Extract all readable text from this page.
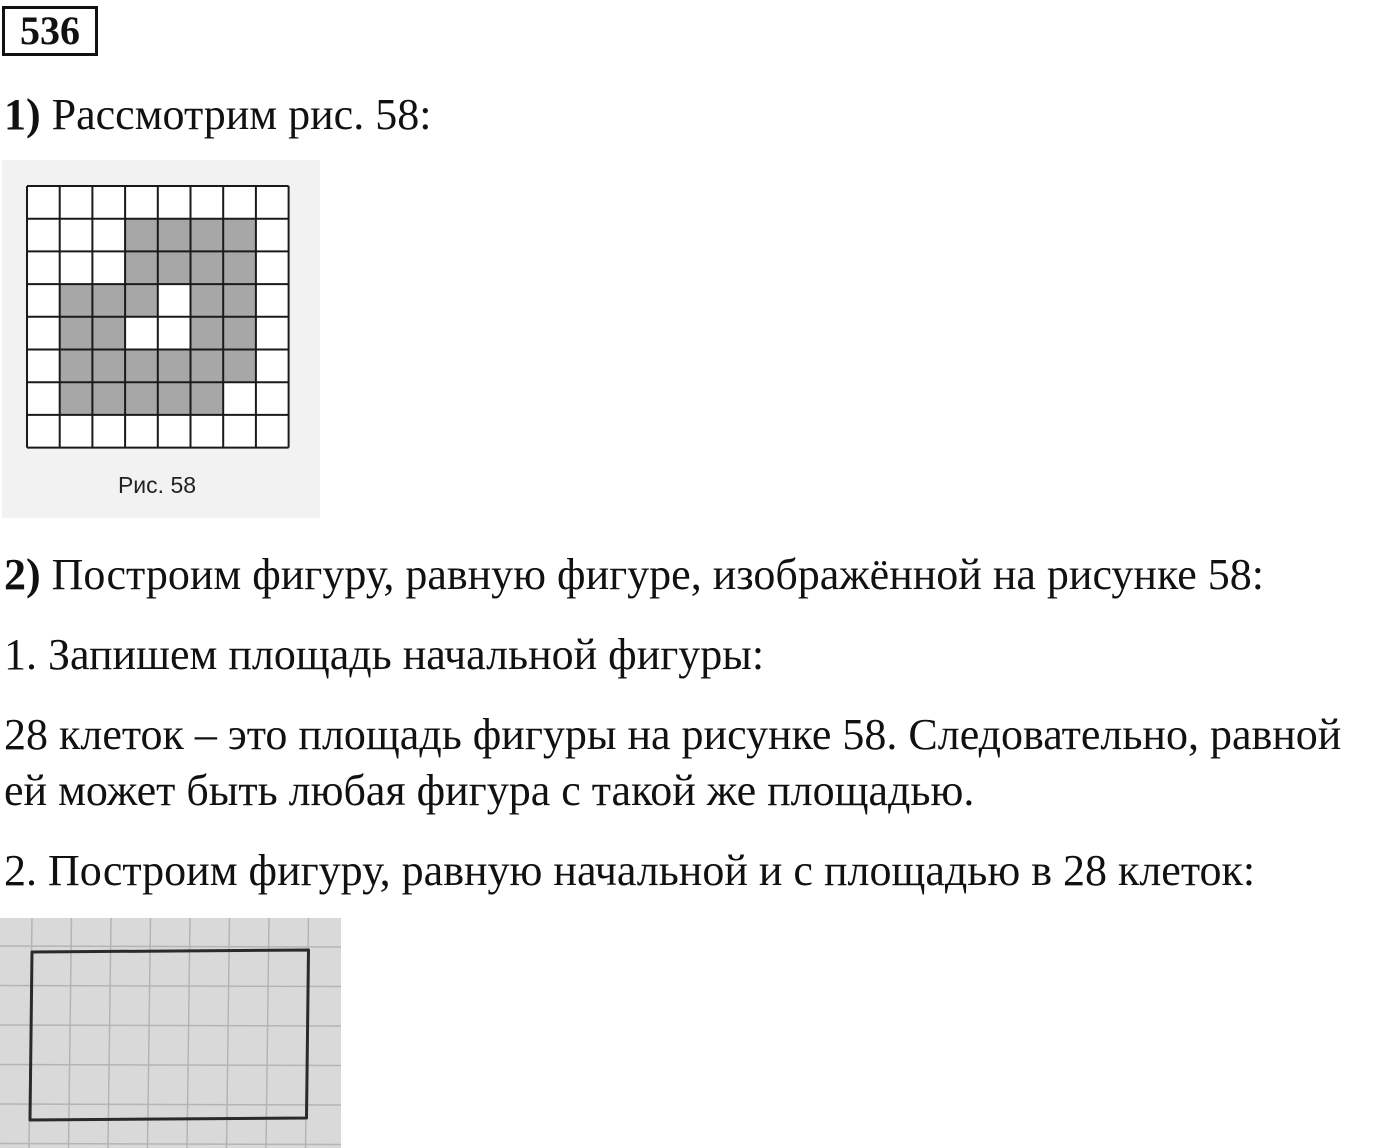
536
1) Рассмотрим рис. 58:
Рис. 58
2) Построим фигуру, равную фигуре, изображённой на рисунке 58:
1. Запишем площадь начальной фигуры:
28 клеток – это площадь фигуры на рисунке 58. Следовательно, равной
ей может быть любая фигура с такой же площадью.
2. Построим фигуру, равную начальной и с площадью в 28 клеток:
